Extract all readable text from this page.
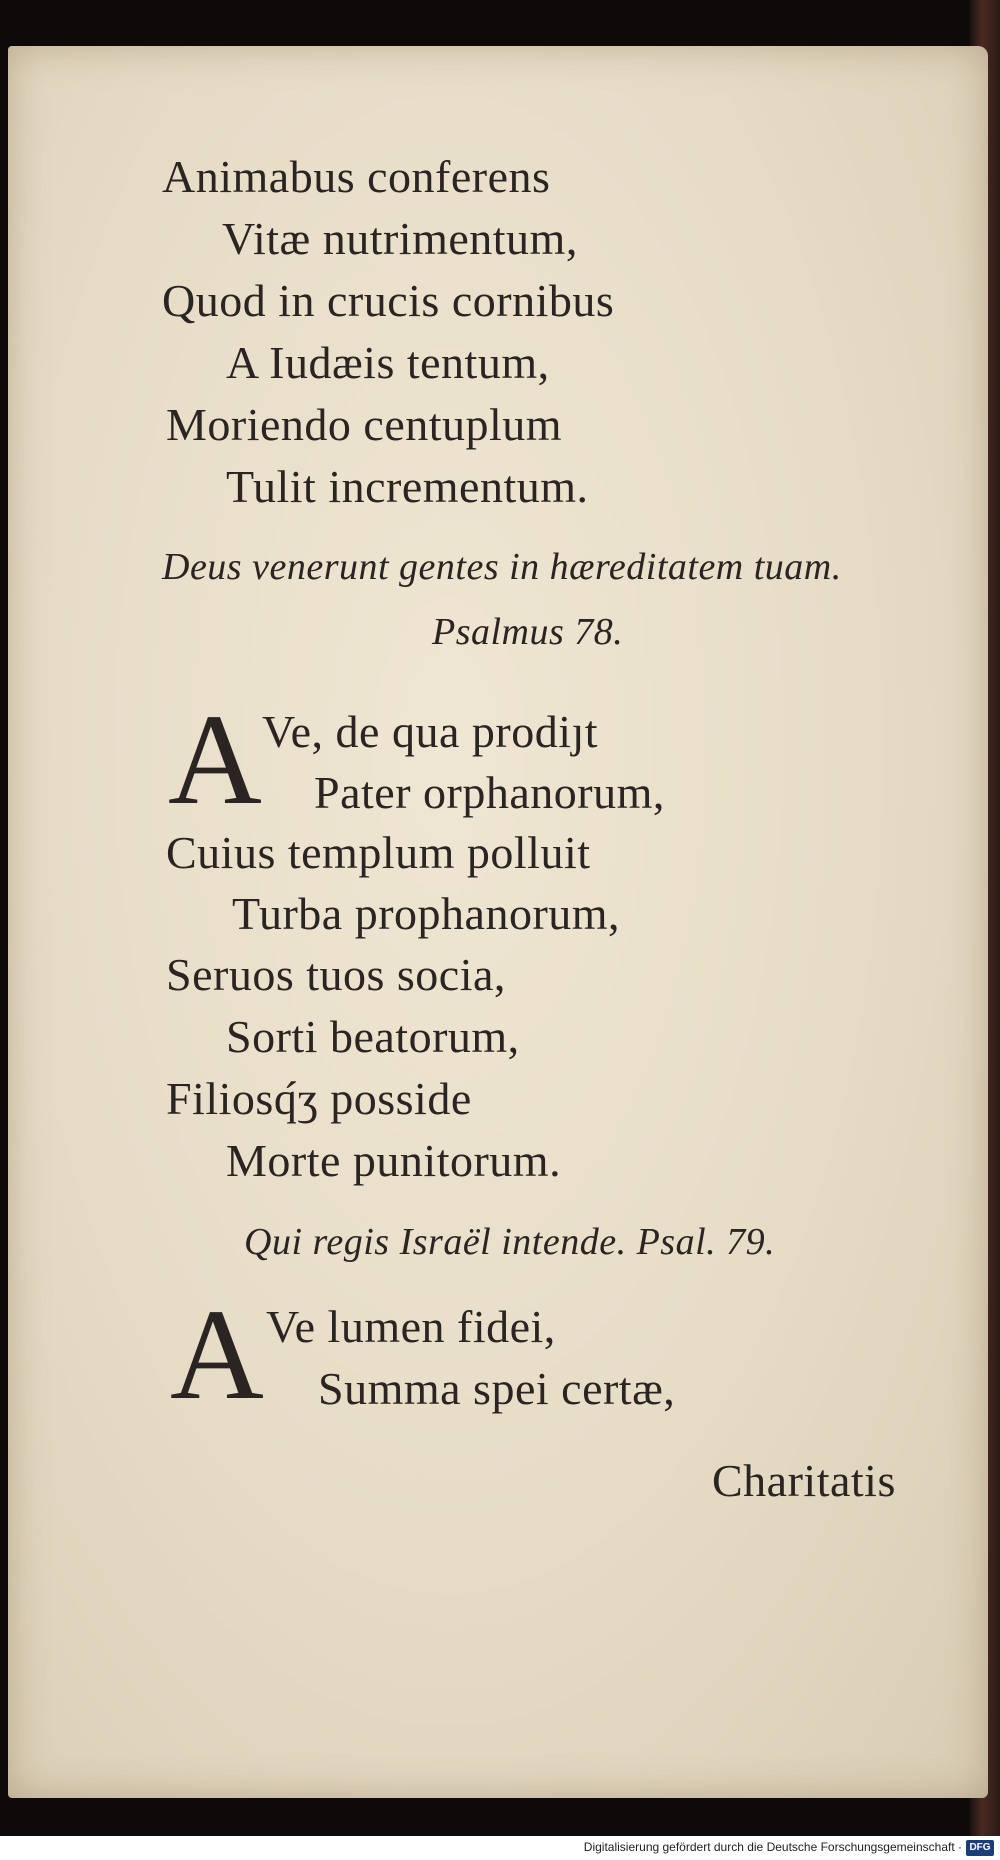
Animabus conferens
Vitæ nutrimentum,
Quod in crucis cornibus
A Iudæis tentum,
Moriendo centuplum
Tulit incrementum.
Deus venerunt gentes in hæreditatem tuam.
Psalmus 78.
A Ve, de qua prodiȷt
Pater orphanorum,
Cuius templum polluit
Turba prophanorum,
Seruos tuos socia,
Sorti beatorum,
Filiosq́ʒ posside
Morte punitorum.
Qui regis Israël intende. Psal. 79.
A Ve lumen fidei,
Summa spei certæ,
Charitatis
Digitalisierung gefördert durch die Deutsche Forschungsgemeinschaft · DFG
